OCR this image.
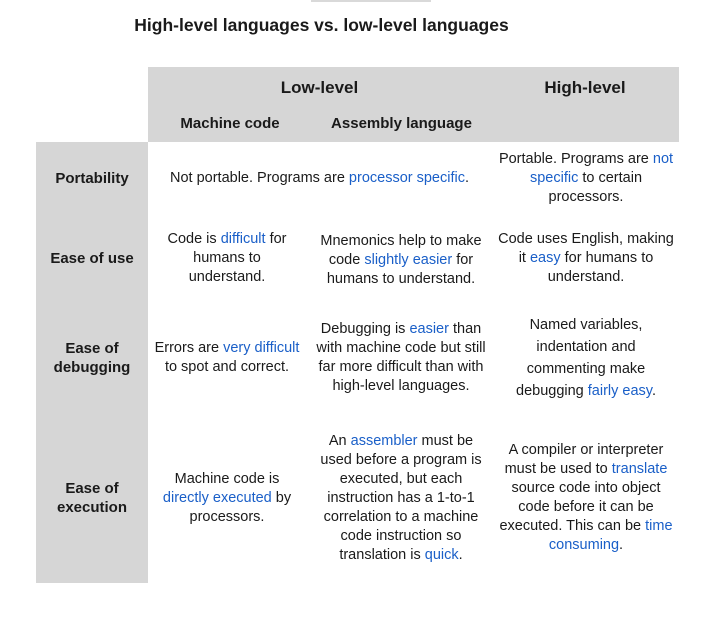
High-level languages vs. low-level languages
Low-level	High-level
Machine code	Assembly language
Portability
Ease of use
Ease of debugging
Ease of execution
Not portable. Programs are processor specific.
Portable. Programs are not specific to certain processors.
Code is difficult for humans to understand.
Mnemonics help to make code slightly easier for humans to understand.
Code uses English, making it easy for humans to understand.
Errors are very difficult to spot and correct.
Debugging is easier than with machine code but still far more difficult than with high-level languages.
Named variables, indentation and commenting make debugging fairly easy.
Machine code is directly executed by processors.
An assembler must be used before a program is executed, but each instruction has a 1-to-1 correlation to a machine code instruction so translation is quick.
A compiler or interpreter must be used to translate source code into object code before it can be executed. This can be time consuming.
